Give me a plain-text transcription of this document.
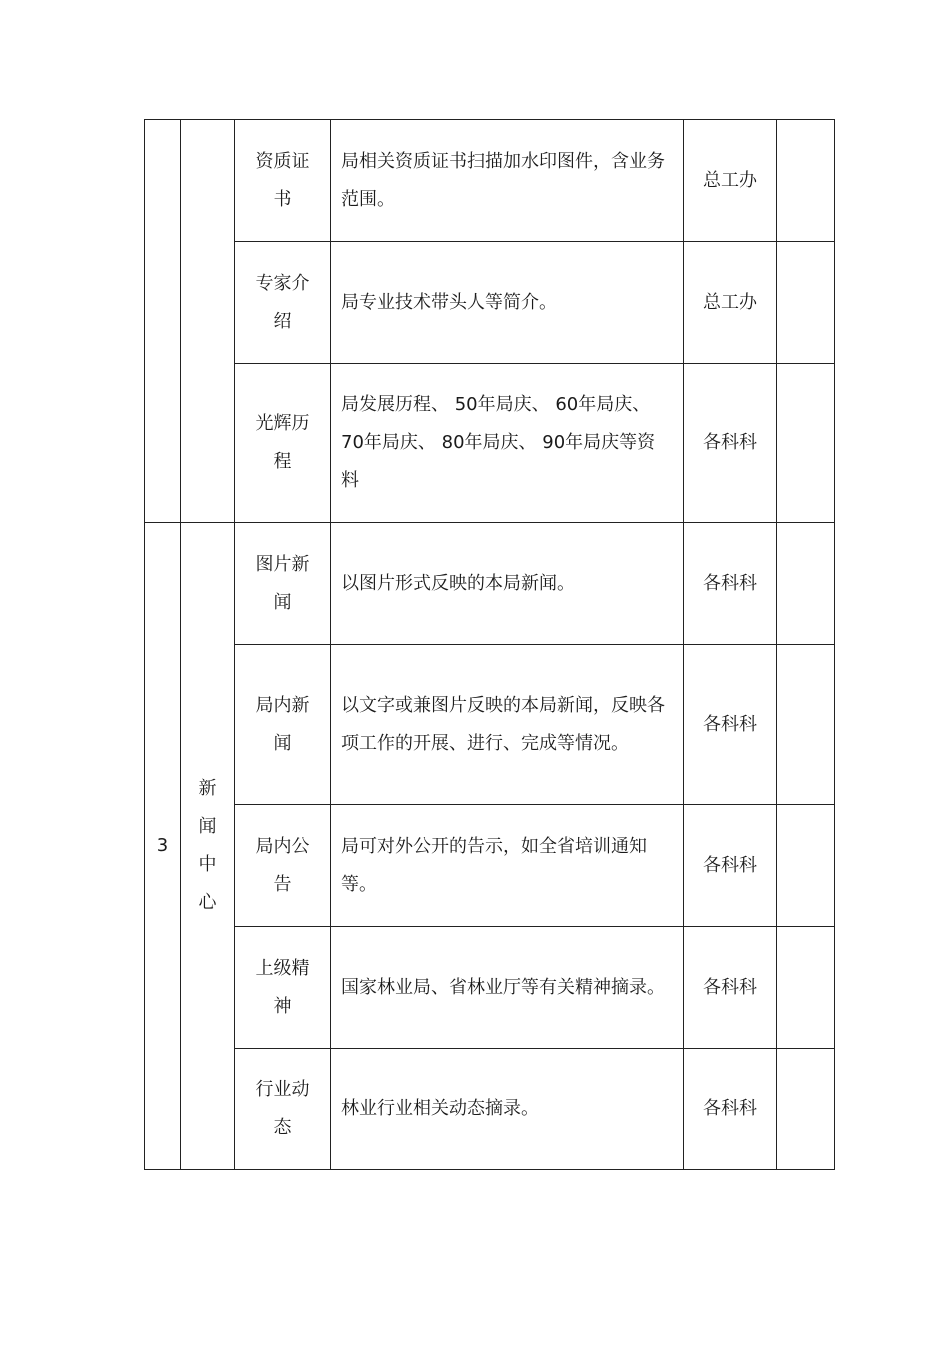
		资质证书	局相关资质证书扫描加水印图件，含业务范围。	总工办	
		专家介绍	局专业技术带头人等简介。	总工办	
		光辉历程	局发展历程、 50年局庆、 60年局庆、70年局庆、 80年局庆、 90年局庆等资料	各科科	
3	新闻中心	图片新闻	以图片形式反映的本局新闻。	各科科	
		局内新闻	以文字或兼图片反映的本局新闻，反映各项工作的开展、进行、完成等情况。	各科科	
		局内公告	局可对外公开的告示，如全省培训通知等。	各科科	
		上级精神	国家林业局、省林业厅等有关精神摘录。	各科科	
		行业动态	林业行业相关动态摘录。	各科科	
